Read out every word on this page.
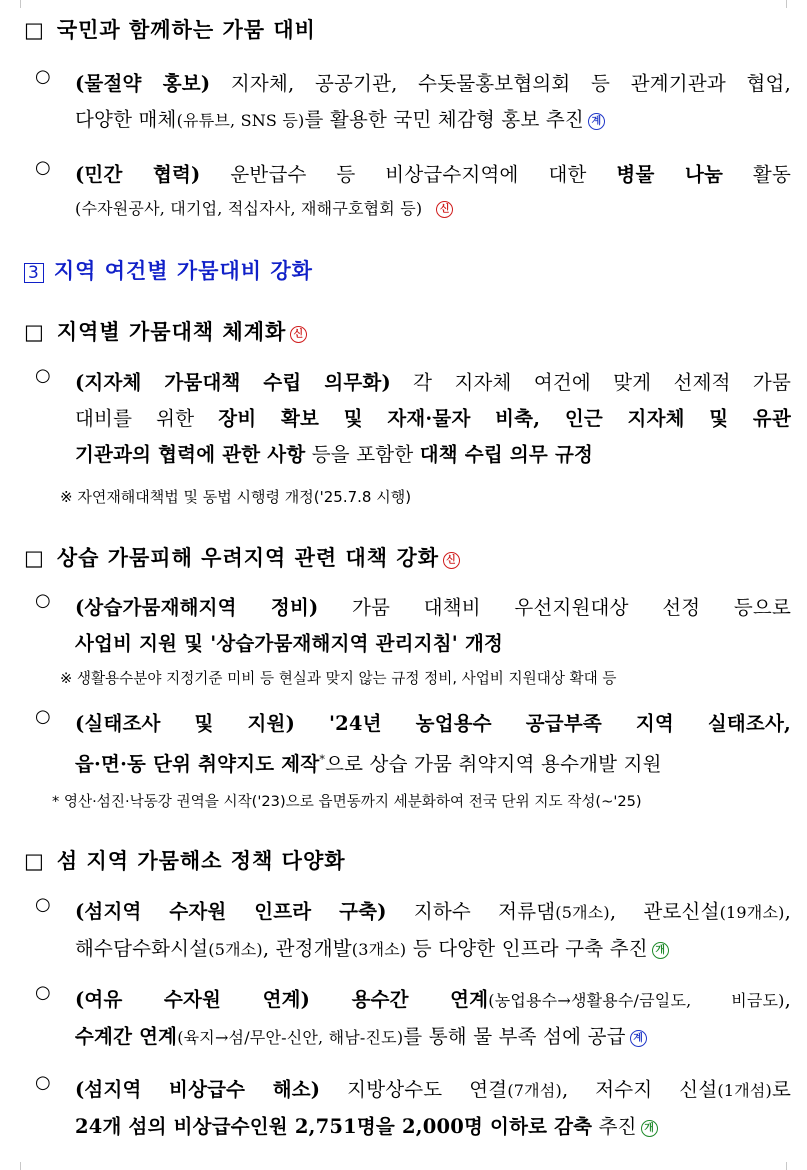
□ 국민과 함께하는 가뭄 대비
○ (물절약 홍보) 지자체, 공공기관, 수돗물홍보협의회 등 관계기관과 협업,
다양한 매체(유튜브, SNS 등)를 활용한 국민 체감형 홍보 추진 계
○ (민간 협력) 운반급수 등 비상급수지역에 대한 병물 나눔 활동
(수자원공사, 대기업, 적십자사, 재해구호협회 등) 신
3 지역 여건별 가뭄대비 강화
□ 지역별 가뭄대책 체계화 신
○ (지자체 가뭄대책 수립 의무화) 각 지자체 여건에 맞게 선제적 가뭄
대비를 위한 장비 확보 및 자재·물자 비축, 인근 지자체 및 유관
기관과의 협력에 관한 사항 등을 포함한 대책 수립 의무 규정
※ 자연재해대책법 및 동법 시행령 개정('25.7.8 시행)
□ 상습 가뭄피해 우려지역 관련 대책 강화 신
○ (상습가뭄재해지역 정비) 가뭄 대책비 우선지원대상 선정 등으로
사업비 지원 및 '상습가뭄재해지역 관리지침' 개정
※ 생활용수분야 지정기준 미비 등 현실과 맞지 않는 규정 정비, 사업비 지원대상 확대 등
○ (실태조사 및 지원) '24년 농업용수 공급부족 지역 실태조사,
읍·면·동 단위 취약지도 제작*으로 상습 가뭄 취약지역 용수개발 지원
* 영산·섬진·낙동강 권역을 시작('23)으로 읍면동까지 세분화하여 전국 단위 지도 작성(~'25)
□ 섬 지역 가뭄해소 정책 다양화
○ (섬지역 수자원 인프라 구축) 지하수 저류댐(5개소), 관로신설(19개소),
해수담수화시설(5개소), 관정개발(3개소) 등 다양한 인프라 구축 추진 개
○ (여유 수자원 연계) 용수간 연계(농업용수→생활용수/금일도, 비금도),
수계간 연계(육지→섬/무안-신안, 해남-진도)를 통해 물 부족 섬에 공급 계
○ (섬지역 비상급수 해소) 지방상수도 연결(7개섬), 저수지 신설(1개섬)로
24개 섬의 비상급수인원 2,751명을 2,000명 이하로 감축 추진 개
